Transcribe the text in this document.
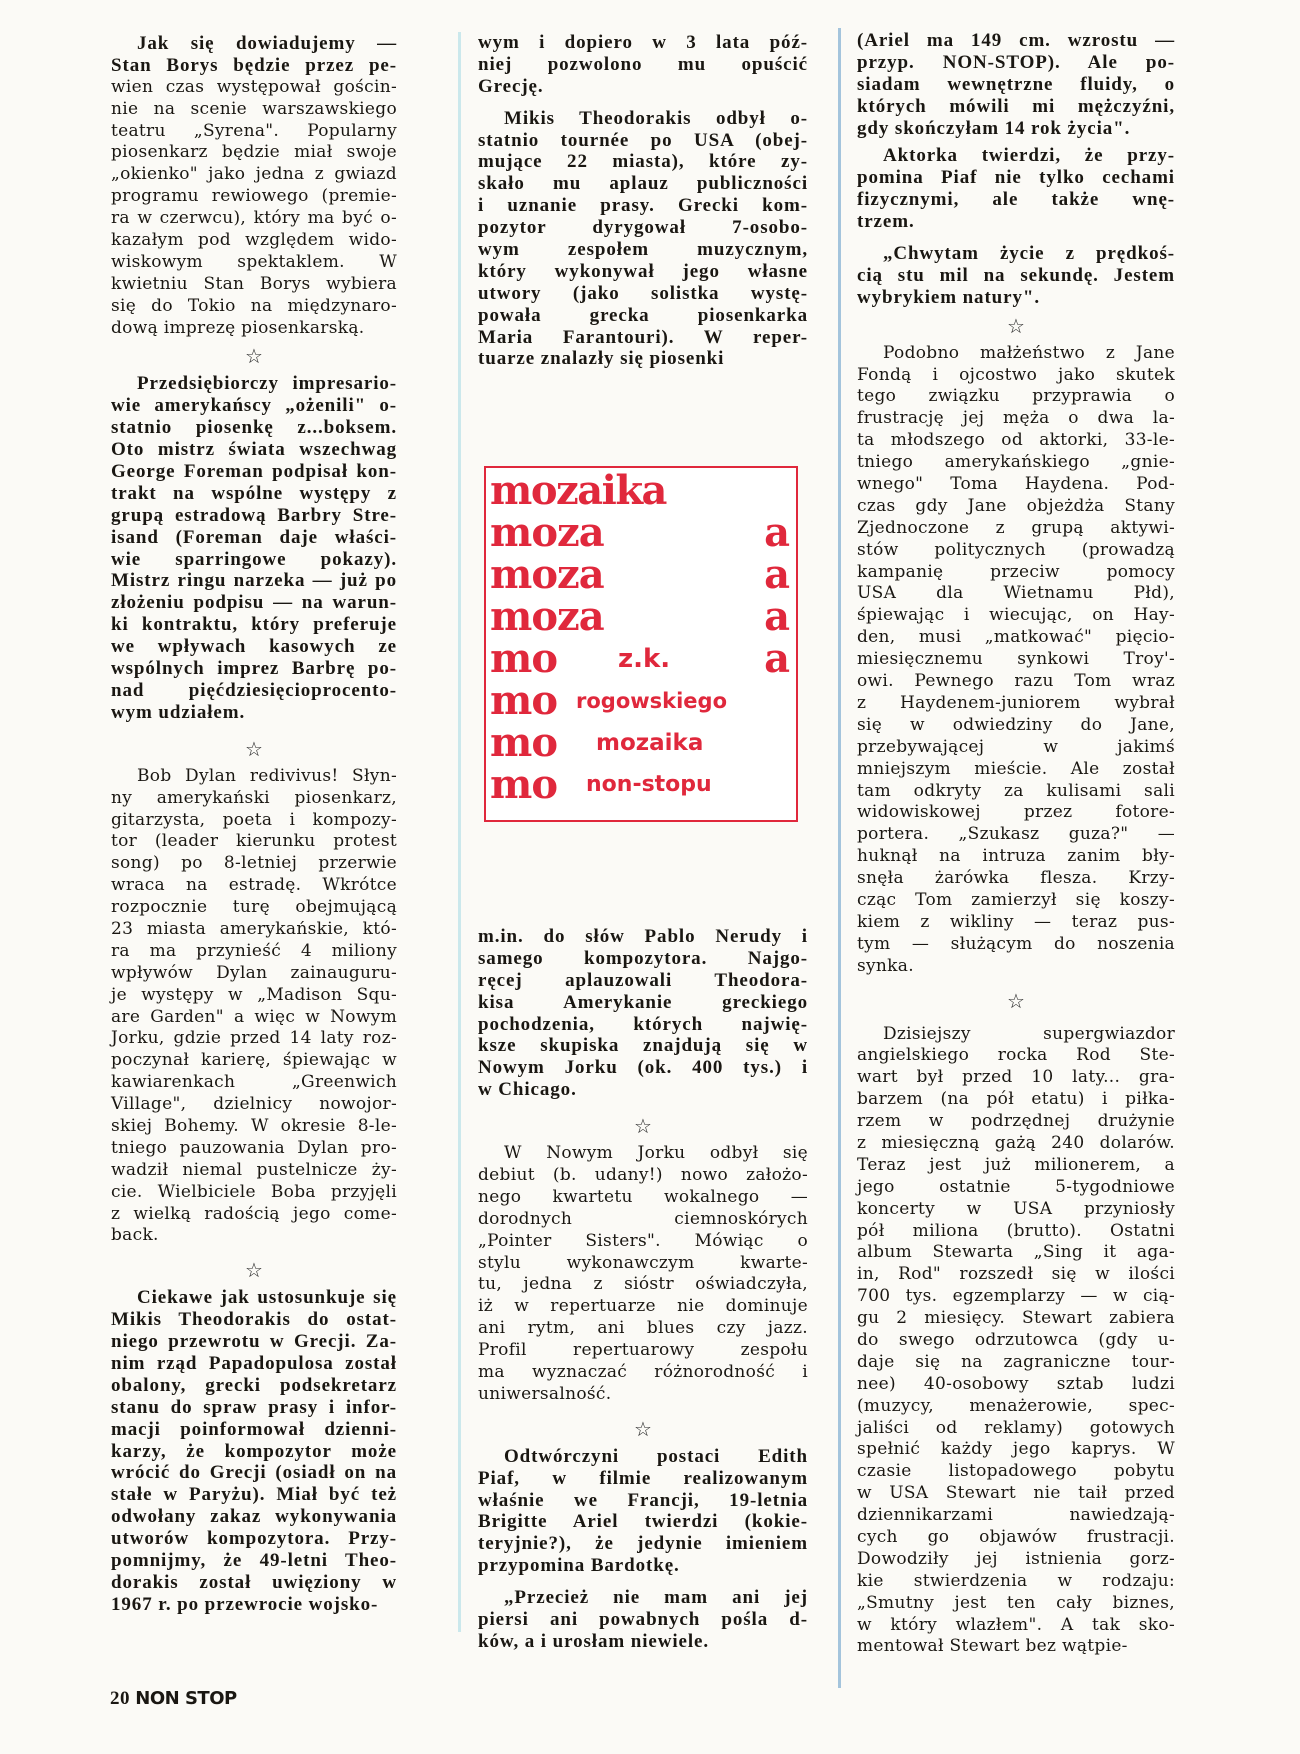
Jak się dowiadujemy —
Stan Borys będzie przez pe-
wien czas występował gościn-
nie na scenie warszawskiego
teatru „Syrena". Popularny
piosenkarz będzie miał swoje
„okienko" jako jedna z gwiazd
programu rewiowego (premie-
ra w czerwcu), który ma być o-
kazałym pod względem wido-
wiskowym spektaklem. W
kwietniu Stan Borys wybiera
się do Tokio na międzynaro-
dową imprezę piosenkarską.
☆
Przedsiębiorczy impresario-
wie amerykańscy „ożenili" o-
statnio piosenkę z...boksem.
Oto mistrz świata wszechwag
George Foreman podpisał kon-
trakt na wspólne występy z
grupą estradową Barbry Stre-
isand (Foreman daje właści-
wie sparringowe pokazy).
Mistrz ringu narzeka — już po
złożeniu podpisu — na warun-
ki kontraktu, który preferuje
we wpływach kasowych ze
wspólnych imprez Barbrę po-
nad pięćdziesięcioprocento-
wym udziałem.
☆
Bob Dylan redivivus! Słyn-
ny amerykański piosenkarz,
gitarzysta, poeta i kompozy-
tor (leader kierunku protest
song) po 8-letniej przerwie
wraca na estradę. Wkrótce
rozpocznie turę obejmującą
23 miasta amerykańskie, któ-
ra ma przynieść 4 miliony
wpływów Dylan zainauguru-
je występy w „Madison Squ-
are Garden" a więc w Nowym
Jorku, gdzie przed 14 laty roz-
poczynał karierę, śpiewając w
kawiarenkach „Greenwich
Village", dzielnicy nowojor-
skiej Bohemy. W okresie 8-le-
tniego pauzowania Dylan pro-
wadził niemal pustelnicze ży-
cie. Wielbiciele Boba przyjęli
z wielką radością jego come-
back.
☆
Ciekawe jak ustosunkuje się
Mikis Theodorakis do ostat-
niego przewrotu w Grecji. Za-
nim rząd Papadopulosa został
obalony, grecki podsekretarz
stanu do spraw prasy i infor-
macji poinformował dzienni-
karzy, że kompozytor może
wrócić do Grecji (osiadł on na
stałe w Paryżu). Miał być też
odwołany zakaz wykonywania
utworów kompozytora. Przy-
pomnijmy, że 49-letni Theo-
dorakis został uwięziony w
1967 r. po przewrocie wojsko-
wym i dopiero w 3 lata póź-
niej pozwolono mu opuścić
Grecję.
Mikis Theodorakis odbył o-
statnio tournée po USA (obej-
mujące 22 miasta), które zy-
skało mu aplauz publiczności
i uznanie prasy. Grecki kom-
pozytor dyrygował 7-osobo-
wym zespołem muzycznym,
który wykonywał jego własne
utwory (jako solistka wystę-
powała grecka piosenkarka
Maria Farantouri). W reper-
tuarze znalazły się piosenki
mozaika
moza
moza
moza
mo
mo
mo
mo
a
a
a
a
z.k.
rogowskiego
mozaika
non-stopu
m.in. do słów Pablo Nerudy i
samego kompozytora. Najgo-
ręcej aplauzowali Theodora-
kisa Amerykanie greckiego
pochodzenia, których najwię-
ksze skupiska znajdują się w
Nowym Jorku (ok. 400 tys.) i
w Chicago.
☆
W Nowym Jorku odbył się
debiut (b. udany!) nowo założo-
nego kwartetu wokalnego —
dorodnych ciemnoskórych
„Pointer Sisters". Mówiąc o
stylu wykonawczym kwarte-
tu, jedna z sióstr oświadczyła,
iż w repertuarze nie dominuje
ani rytm, ani blues czy jazz.
Profil repertuarowy zespołu
ma wyznaczać różnorodność i
uniwersalność.
☆
Odtwórczyni postaci Edith
Piaf, w filmie realizowanym
właśnie we Francji, 19-letnia
Brigitte Ariel twierdzi (kokie-
teryjnie?), że jedynie imieniem
przypomina Bardotkę.
„Przecież nie mam ani jej
piersi ani powabnych pośla d-
ków, a i urosłam niewiele.
(Ariel ma 149 cm. wzrostu —
przyp. NON-STOP). Ale po-
siadam wewnętrzne fluidy, o
których mówili mi mężczyźni,
gdy skończyłam 14 rok życia".
Aktorka twierdzi, że przy-
pomina Piaf nie tylko cechami
fizycznymi, ale także wnę-
trzem.
„Chwytam życie z prędkoś-
cią stu mil na sekundę. Jestem
wybrykiem natury".
☆
Podobno małżeństwo z Jane
Fondą i ojcostwo jako skutek
tego związku przyprawia o
frustrację jej męża o dwa la-
ta młodszego od aktorki, 33-le-
tniego amerykańskiego „gnie-
wnego" Toma Haydena. Pod-
czas gdy Jane objeżdża Stany
Zjednoczone z grupą aktywi-
stów politycznych (prowadzą
kampanię przeciw pomocy
USA dla Wietnamu Płd),
śpiewając i wiecując, on Hay-
den, musi „matkować" pięcio-
miesięcznemu synkowi Troy'-
owi. Pewnego razu Tom wraz
z Haydenem-juniorem wybrał
się w odwiedziny do Jane,
przebywającej w jakimś
mniejszym mieście. Ale został
tam odkryty za kulisami sali
widowiskowej przez fotore-
portera. „Szukasz guza?" —
huknął na intruza zanim bły-
snęła żarówka flesza. Krzy-
cząc Tom zamierzył się koszy-
kiem z wikliny — teraz pus-
tym — służącym do noszenia
synka.
☆
Dzisiejszy supergwiazdor
angielskiego rocka Rod Ste-
wart był przed 10 laty... gra-
barzem (na pół etatu) i piłka-
rzem w podrzędnej drużynie
z miesięczną gażą 240 dolarów.
Teraz jest już milionerem, a
jego ostatnie 5-tygodniowe
koncerty w USA przyniosły
pół miliona (brutto). Ostatni
album Stewarta „Sing it aga-
in, Rod" rozszedł się w ilości
700 tys. egzemplarzy — w cią-
gu 2 miesięcy. Stewart zabiera
do swego odrzutowca (gdy u-
daje się na zagraniczne tour-
nee) 40-osobowy sztab ludzi
(muzycy, menażerowie, spec-
jaliści od reklamy) gotowych
spełnić każdy jego kaprys. W
czasie listopadowego pobytu
w USA Stewart nie taił przed
dziennikarzami nawiedzają-
cych go objawów frustracji.
Dowodziły jej istnienia gorz-
kie stwierdzenia w rodzaju:
„Smutny jest ten cały biznes,
w który wlazłem". A tak sko-
mentował Stewart bez wątpie-
20 NON STOP
